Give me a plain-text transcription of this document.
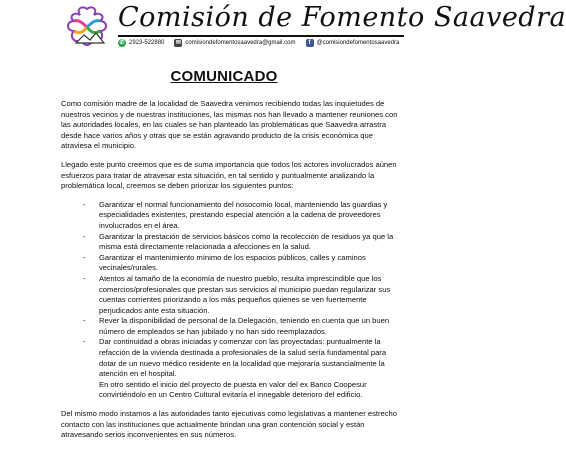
Comisión de Fomento Saavedra
✆ 2923-522880 ✉ comisiondefomentosaavedra@gmail.com	f	@comisiondefomentosaavedra
COMUNICADO

Como comisión madre de la localidad de Saavedra venimos recibiendo todas las inquietudes de nuestros vecinos y de nuestras instituciones, las mismas nos han llevado a mantener reuniones con las autoridades locales, en las cuales se han planteado las problemáticas que Saavedra arrastra desde hace varios años y otras que se están agravando producto de la crisis económica que atraviesa el municipio.

Llegado este punto creemos que es de suma importancia que todos los actores involucrados aúnen esfuerzos para tratar de atravesar esta situación, en tal sentido y puntualmente analizando la problemática local, creemos se deben priorizar los siguientes puntos:

- Garantizar el normal funcionamiento del nosocomio local, manteniendo las guardias y especialidades existentes, prestando especial atención a la cadena de proveedores involucrados en el área.
- Garantizar la prestación de servicios básicos como la recolección de residuos ya que la misma está directamente relacionada a afecciones en la salud.
- Garantizar el mantenimiento mínimo de los espacios públicos, calles y caminos vecinales/rurales.
- Atentos al tamaño de la economía de nuestro pueblo, resulta imprescindible que los comercios/profesionales que prestan sus servicios al municipio puedan regularizar sus cuentas corrientes priorizando a los más pequeños quienes se ven fuertemente perjudicados ante esta situación.
- Rever la disponibilidad de personal de la Delegación, teniendo en cuenta que un buen número de empleados se han jubilado y no han sido reemplazados.
- Dar continuidad a obras iniciadas y comenzar con las proyectadas: puntualmente la refacción de la vivienda destinada a profesionales de la salud sería fundamental para dotar de un nuevo médico residente en la localidad que mejoraría sustancialmente la atención en el hospital.
En otro sentido el inicio del proyecto de puesta en valor del ex Banco Coopesur convirtiéndolo en un Centro Cultural evitaría el innegable deterioro del edificio.

Del mismo modo instamos a las autoridades tanto ejecutivas como legislativas a mantener estrecho contacto con las instituciones que actualmente brindan una gran contención social y están atravesando serios inconvenientes en sus números.
